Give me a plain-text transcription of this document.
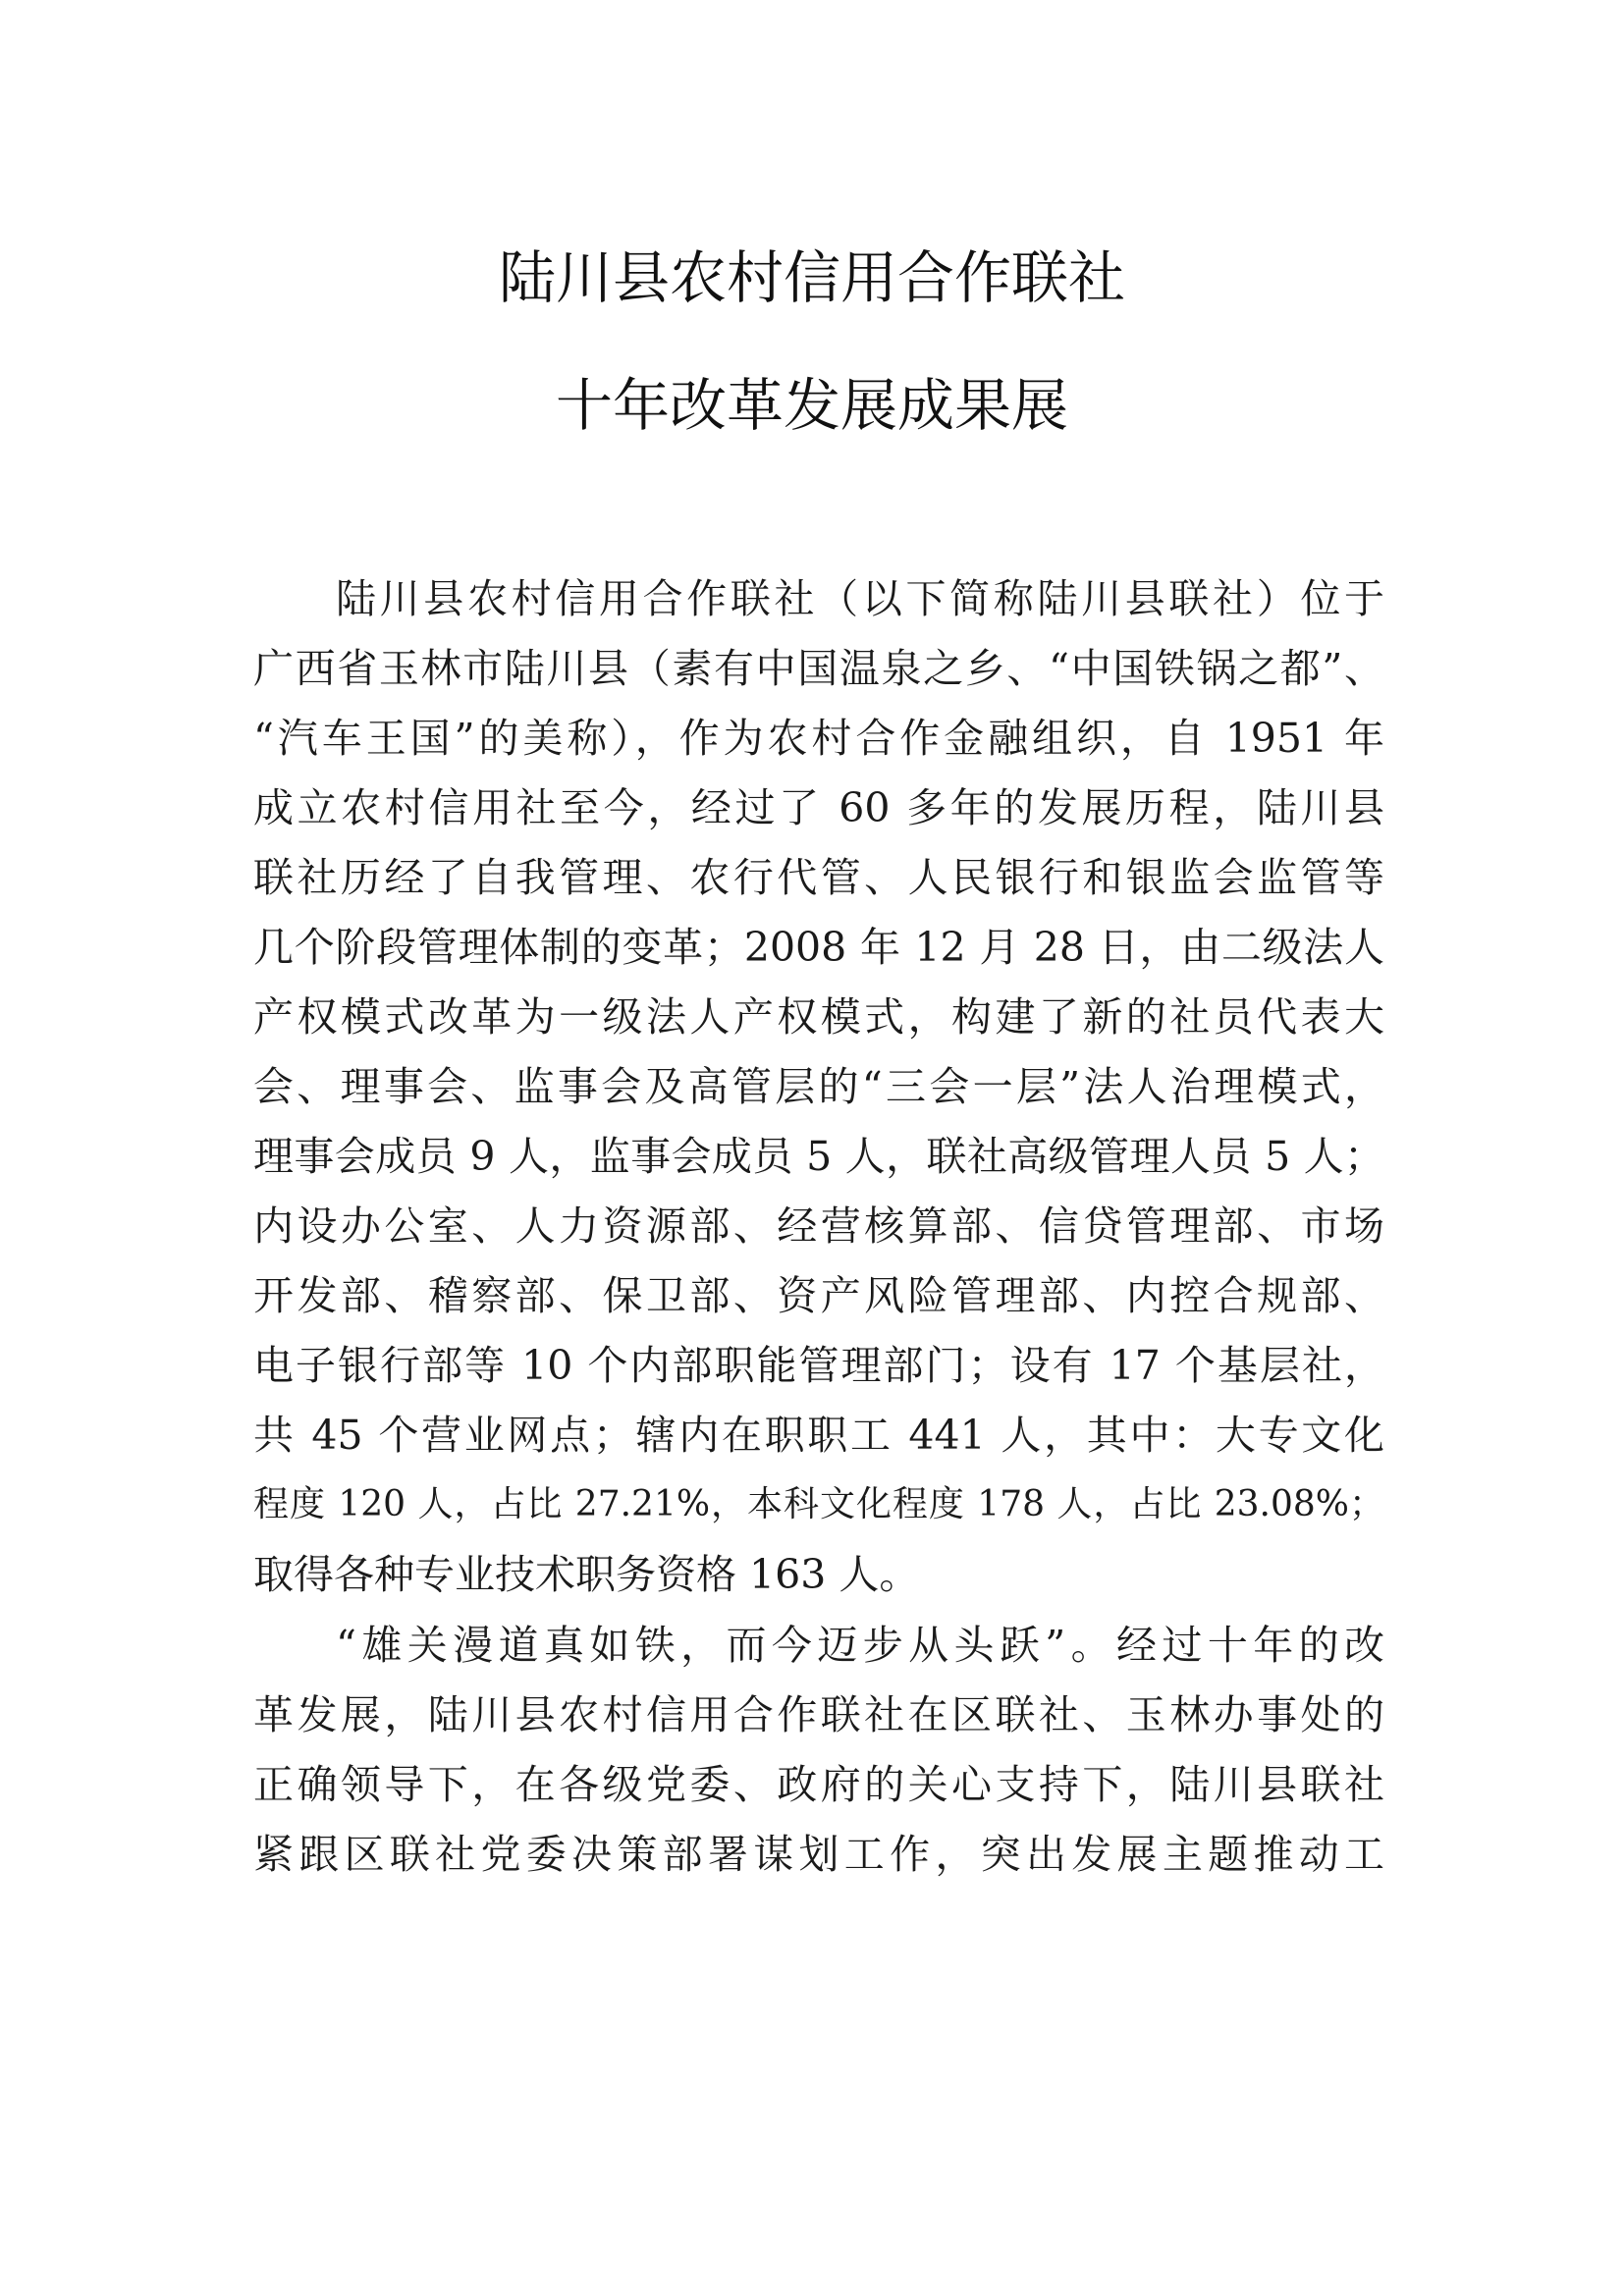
陆川县农村信用合作联社
十年改革发展成果展
陆川县农村信用合作联社（以下简称陆川县联社）位于
广西省玉林市陆川县（素有中国温泉之乡、“中国铁锅之都”、
“汽车王国”的美称），作为农村合作金融组织，自 1951 年
成立农村信用社至今，经过了 60 多年的发展历程，陆川县
联社历经了自我管理、农行代管、人民银行和银监会监管等
几个阶段管理体制的变革；2008 年 12 月 28 日，由二级法人
产权模式改革为一级法人产权模式，构建了新的社员代表大
会、理事会、监事会及高管层的“三会一层”法人治理模式，
理事会成员 9 人，监事会成员 5 人，联社高级管理人员 5 人；
内设办公室、人力资源部、经营核算部、信贷管理部、市场
开发部、稽察部、保卫部、资产风险管理部、内控合规部、
电子银行部等 10 个内部职能管理部门；设有 17 个基层社，
共 45 个营业网点；辖内在职职工 441 人，其中：大专文化
程度 120 人，占比 27.21%，本科文化程度 178 人，占比 23.08%；
取得各种专业技术职务资格 163 人。
“雄关漫道真如铁，而今迈步从头跃”。经过十年的改
革发展，陆川县农村信用合作联社在区联社、玉林办事处的
正确领导下，在各级党委、政府的关心支持下，陆川县联社
紧跟区联社党委决策部署谋划工作，突出发展主题推动工
